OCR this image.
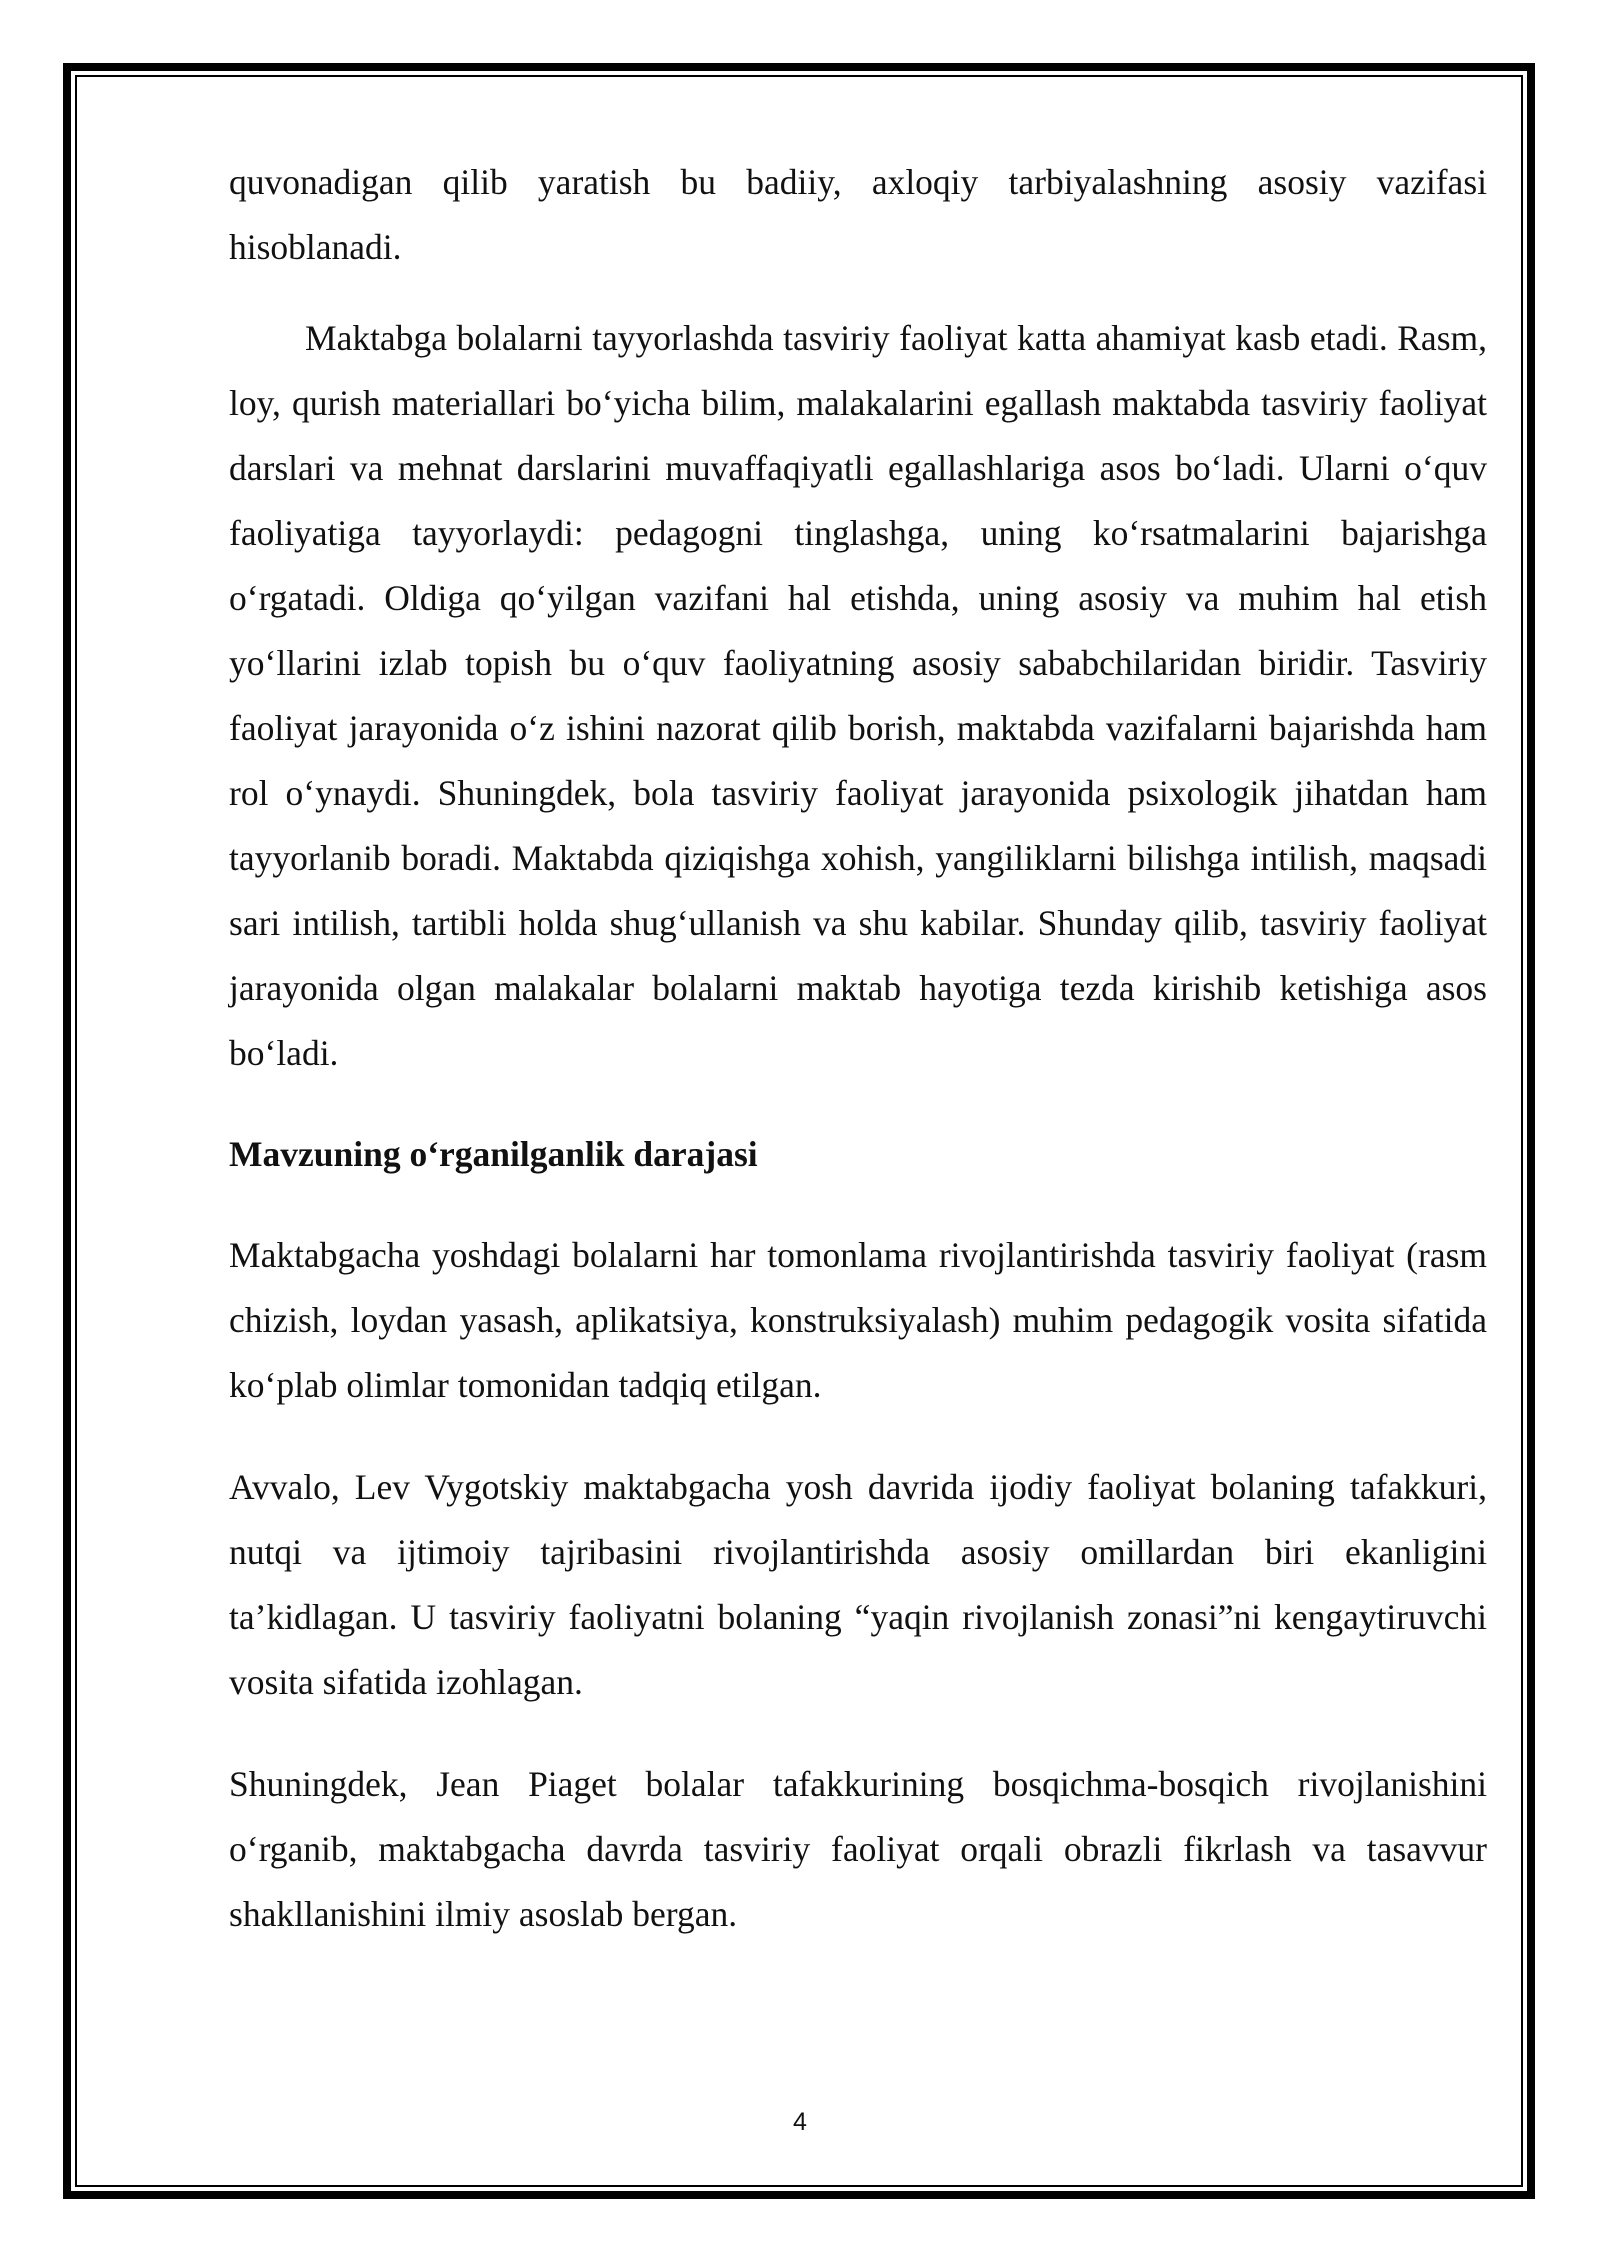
quvonadigan qilib yaratish bu badiiy, axloqiy tarbiyalashning asosiy vazifasi hisoblanadi.

Maktabga bolalarni tayyorlashda tasviriy faoliyat katta ahamiyat kasb etadi. Rasm, loy, qurish materiallari bo‘yicha bilim, malakalarini egallash maktabda tasviriy faoliyat darslari va mehnat darslarini muvaffaqiyatli egallashlariga asos bo‘ladi. Ularni o‘quv faoliyatiga tayyorlaydi: pedagogni tinglashga, uning ko‘rsatmalarini bajarishga o‘rgatadi. Oldiga qo‘yilgan vazifani hal etishda, uning asosiy va muhim hal etish yo‘llarini izlab topish bu o‘quv faoliyatning asosiy sababchilaridan biridir. Tasviriy faoliyat jarayonida o‘z ishini nazorat qilib borish, maktabda vazifalarni bajarishda ham rol o‘ynaydi. Shuningdek, bola tasviriy faoliyat jarayonida psixologik jihatdan ham tayyorlanib boradi. Maktabda qiziqishga xohish, yangiliklarni bilishga intilish, maqsadi sari intilish, tartibli holda shug‘ullanish va shu kabilar. Shunday qilib, tasviriy faoliyat jarayonida olgan malakalar bolalarni maktab hayotiga tezda kirishib ketishiga asos bo‘ladi.

Mavzuning o‘rganilganlik darajasi

Maktabgacha yoshdagi bolalarni har tomonlama rivojlantirishda tasviriy faoliyat (rasm chizish, loydan yasash, aplikatsiya, konstruksiyalash) muhim pedagogik vosita sifatida ko‘plab olimlar tomonidan tadqiq etilgan.

Avvalo, Lev Vygotskiy maktabgacha yosh davrida ijodiy faoliyat bolaning tafakkuri, nutqi va ijtimoiy tajribasini rivojlantirishda asosiy omillardan biri ekanligini ta’kidlagan. U tasviriy faoliyatni bolaning “yaqin rivojlanish zonasi”ni kengaytiruvchi vosita sifatida izohlagan.

Shuningdek, Jean Piaget bolalar tafakkurining bosqichma-bosqich rivojlanishini o‘rganib, maktabgacha davrda tasviriy faoliyat orqali obrazli fikrlash va tasavvur shakllanishini ilmiy asoslab bergan.

4
